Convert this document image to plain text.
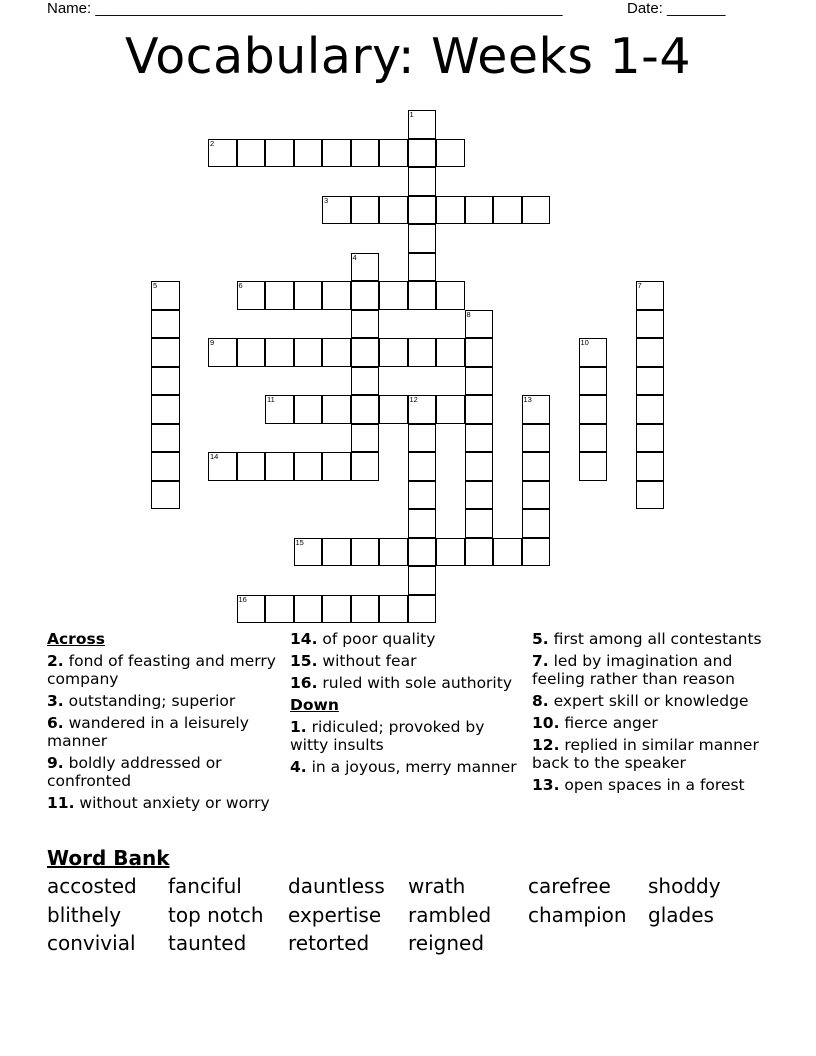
Name: ________________________________________________________	Date: _______
Vocabulary: Weeks 1-4
1
2
3
4
5	6	7
8
9	10
11	12	13
14
15
16
Across
2. fond of feasting and merry company
3. outstanding; superior
6. wandered in a leisurely manner
9. boldly addressed or confronted
11. without anxiety or worry
14. of poor quality
15. without fear
16. ruled with sole authority
Down
1. ridiculed; provoked by witty insults
4. in a joyous, merry manner
5. first among all contestants
7. led by imagination and feeling rather than reason
8. expert skill or knowledge
10. fierce anger
12. replied in similar manner back to the speaker
13. open spaces in a forest
Word Bank
accosted fanciful dauntless wrath	carefree shoddy
blithely top notch expertise rambled champion glades
convivial taunted retorted reigned
